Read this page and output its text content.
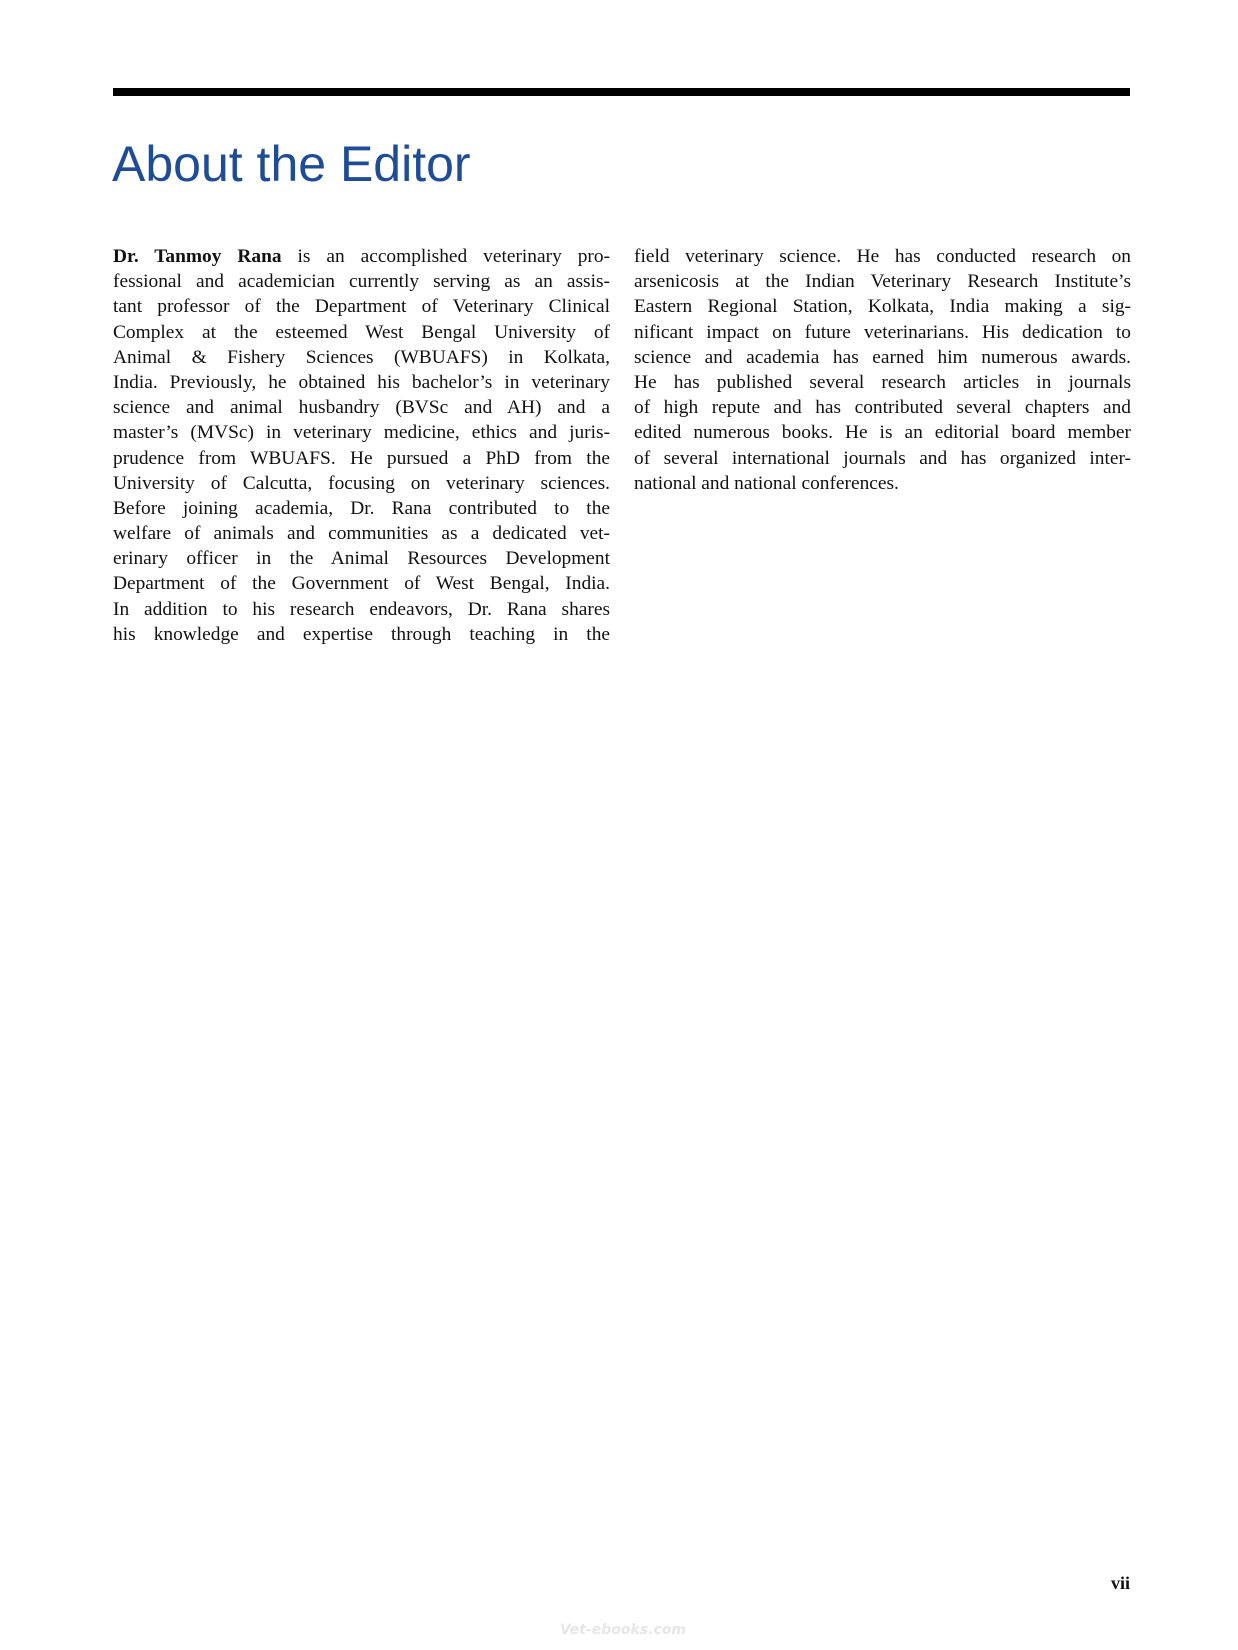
About the Editor

Dr. Tanmoy Rana is an accomplished veterinary pro-
fessional and academician currently serving as an assis-
tant professor of the Department of Veterinary Clinical
Complex at the esteemed West Bengal University of
Animal & Fishery Sciences (WBUAFS) in Kolkata,
India. Previously, he obtained his bachelor’s in veterinary
science and animal husbandry (BVSc and AH) and a
master’s (MVSc) in veterinary medicine, ethics and juris-
prudence from WBUAFS. He pursued a PhD from the
University of Calcutta, focusing on veterinary sciences.
Before joining academia, Dr. Rana contributed to the
welfare of animals and communities as a dedicated vet-
erinary officer in the Animal Resources Development
Department of the Government of West Bengal, India.
In addition to his research endeavors, Dr. Rana shares
his knowledge and expertise through teaching in the

field veterinary science. He has conducted research on
arsenicosis at the Indian Veterinary Research Institute’s
Eastern Regional Station, Kolkata, India making a sig-
nificant impact on future veterinarians. His dedication to
science and academia has earned him numerous awards.
He has published several research articles in journals
of high repute and has contributed several chapters and
edited numerous books. He is an editorial board member
of several international journals and has organized inter-
national and national conferences.

vii
Vet-ebooks.com
